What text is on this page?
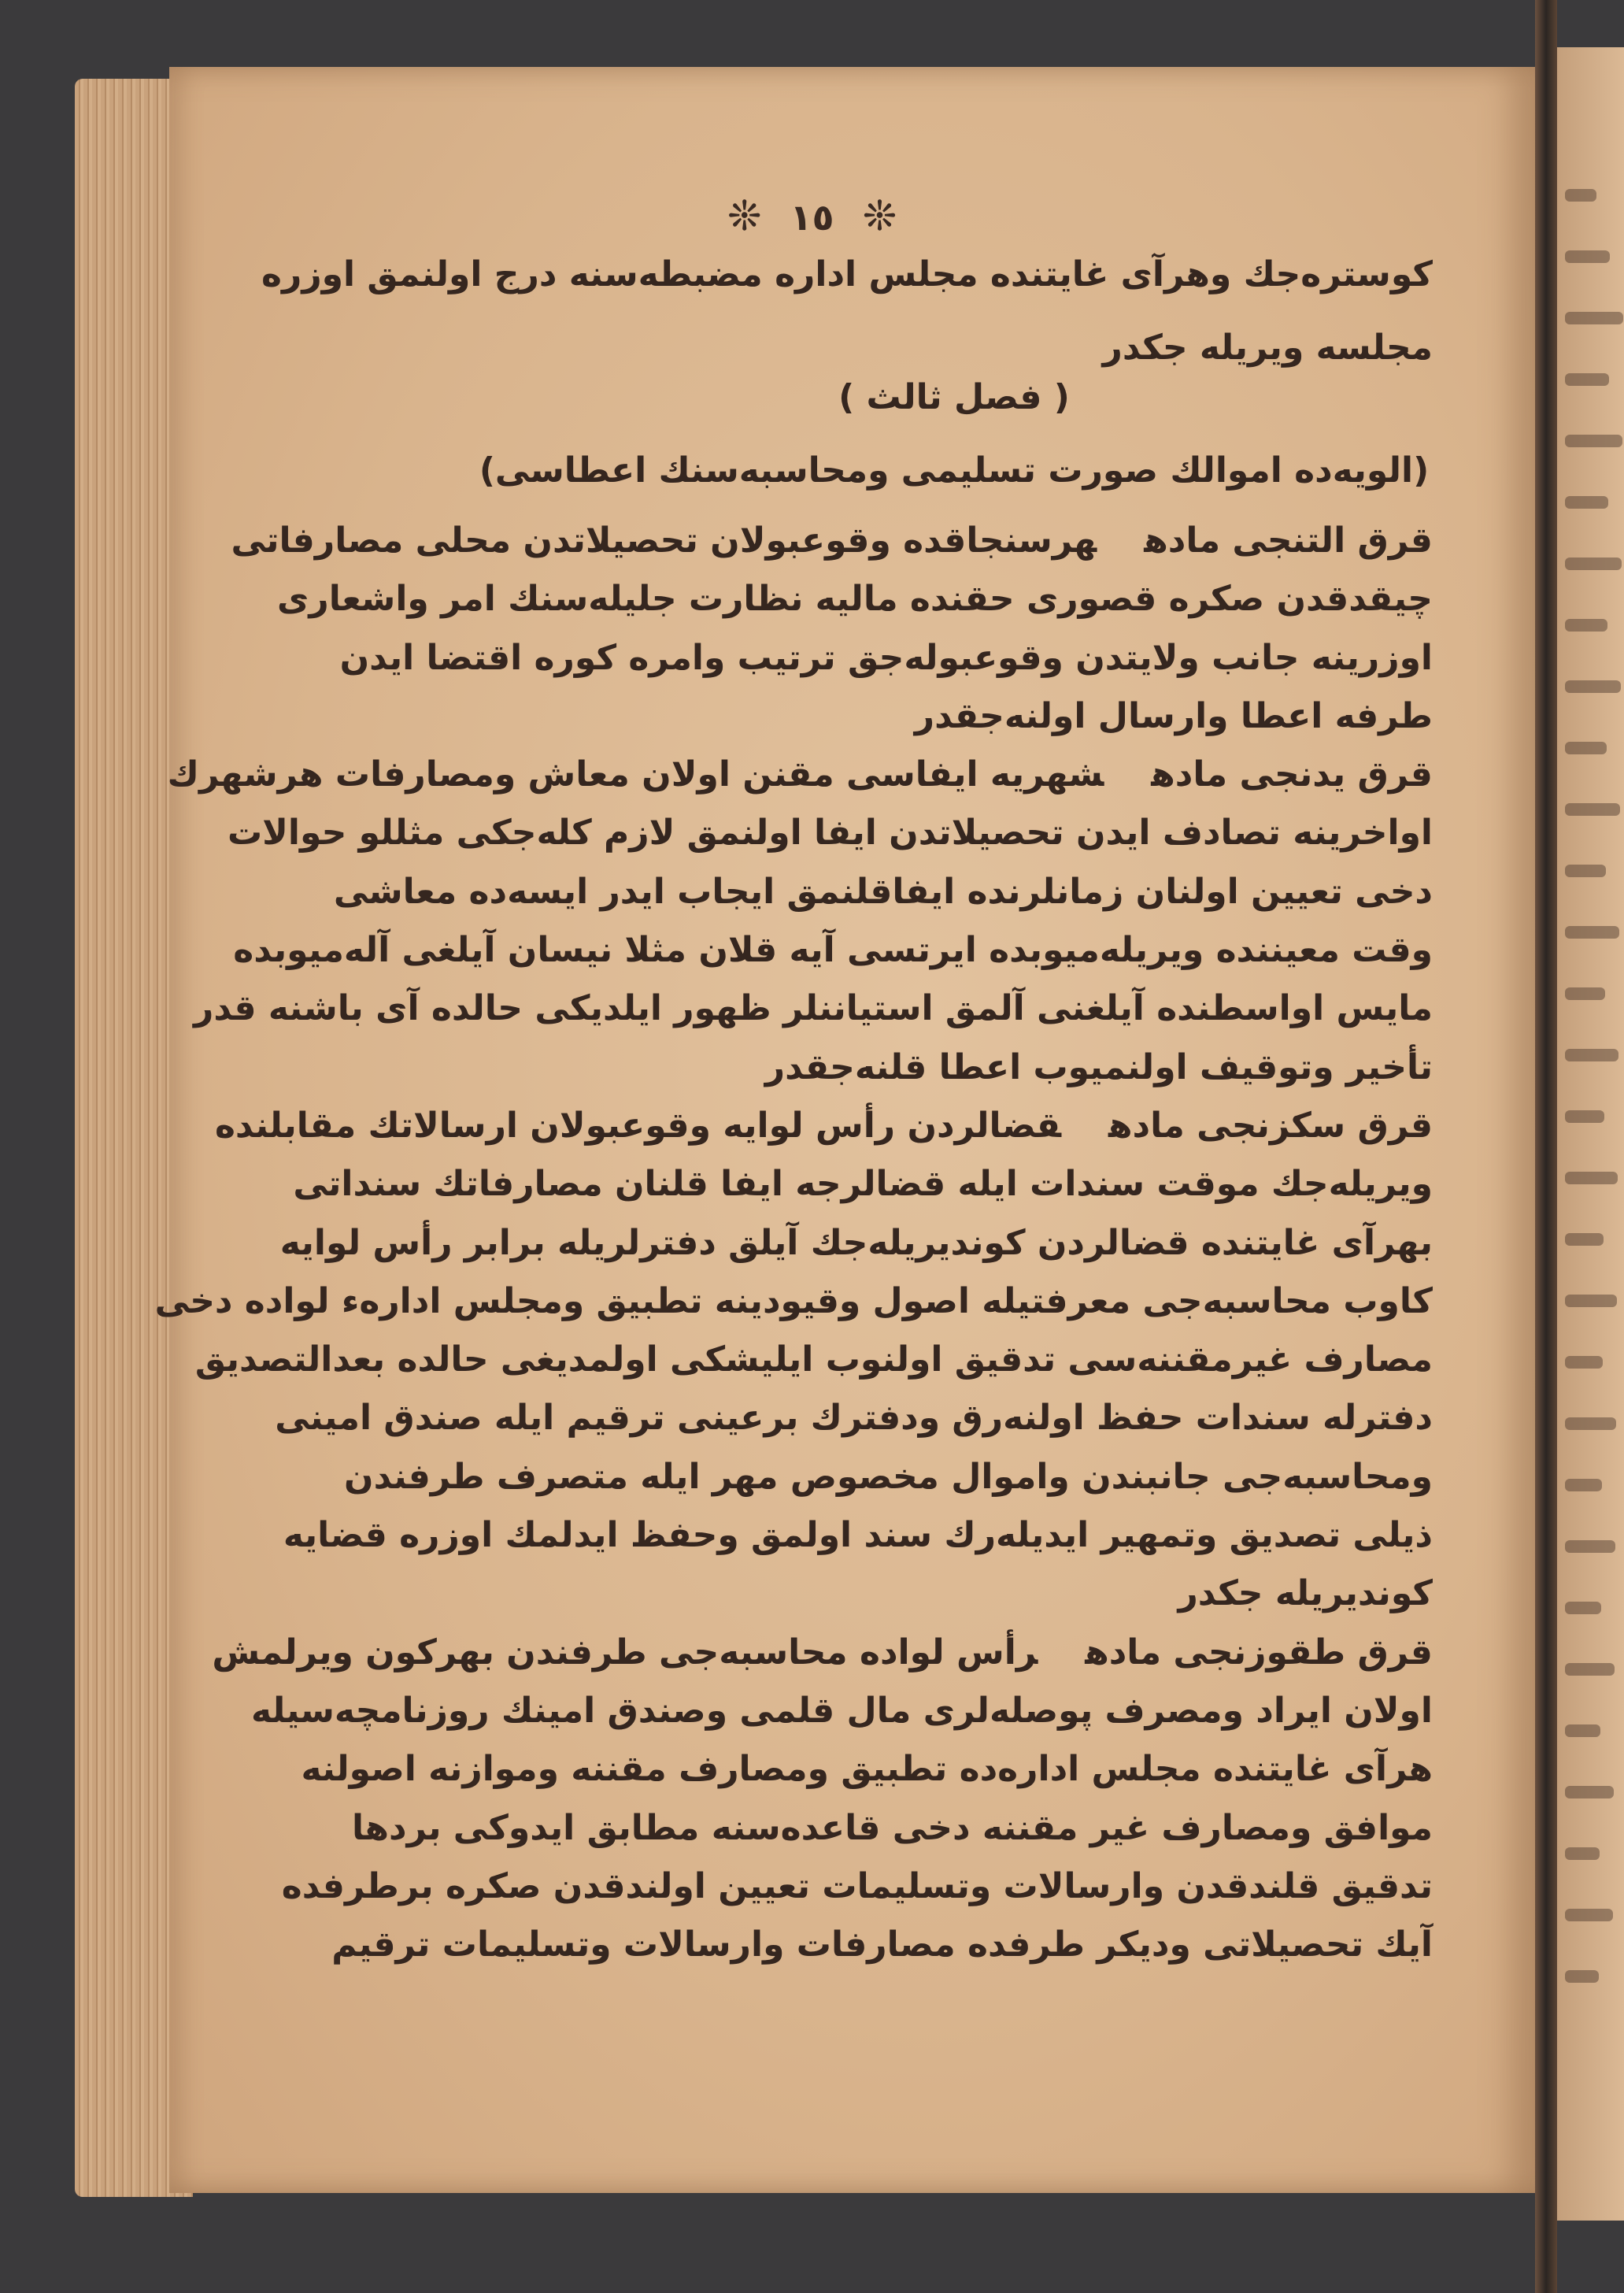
❊ ١٥ ❊
كوسترەجك وهرآى غايتنده مجلس اداره مضبطه‌سنه درج اولنمق اوزره
مجلسه ويريله جكدر
( فصل ثالث )
(الويه‌ده اموالك صورت تسليمى ومحاسبه‌سنك اعطاسى)
قرق التنجى مادههرسنجاقده وقوعبولان تحصيلاتدن محلى مصارفاتى
چيقدقدن صكره قصورى حقنده ماليه نظارت جليله‌سنك امر واشعارى
اوزرينه جانب ولايتدن وقوعبوله‌جق ترتيب وامره كوره اقتضا ايدن
طرفه اعطا وارسال اولنه‌جقدر
قرق يدنجى مادهشهريه ايفاسى مقنن اولان معاش ومصارفات هرشهرك
اواخرينه تصادف ايدن تحصيلاتدن ايفا اولنمق لازم كله‌جكى مثللو حوالات
دخى تعيين اولنان زمانلرنده ايفاقلنمق ايجاب ايدر ايسه‌ده معاشى
وقت معيننده ويريله‌ميوبده ايرتسى آيه قلان مثلا نيسان آيلغى آله‌ميوبده
مايس اواسطنده آيلغنى آلمق استياننلر ظهور ايلديكى حالده آى باشنه قدر
تأخير وتوقيف اولنميوب اعطا قلنه‌جقدر
قرق سكزنجى مادهقضالردن رأس لوايه وقوعبولان ارسالاتك مقابلنده
ويريله‌جك موقت سندات ايله قضالرجه ايفا قلنان مصارفاتك سنداتى
بهرآى غايتنده قضالردن كونديريله‌جك آيلق دفترلريله برابر رأس لوايه
كاوب محاسبه‌جى معرفتيله اصول وقيودينه تطبيق ومجلس اداره‌ء لواده دخى
مصارف غيرمقننه‌سى تدقيق اولنوب ايليشكى اولمديغى حالده بعدالتصديق
دفترله سندات حفظ اولنه‌رق ودفترك برعينى ترقيم ايله صندق امينى
ومحاسبه‌جى جانبندن واموال مخصوص مهر ايله متصرف طرفندن
ذيلى تصديق وتمهير ايديله‌رك سند اولمق وحفظ ايدلمك اوزره قضايه
كونديريله جكدر
قرق طقوزنجى مادهرأس لواده محاسبه‌جى طرفندن بهركون ويرلمش
اولان ايراد ومصرف پوصله‌لرى مال قلمى وصندق امينك روزنامچه‌سيله
هرآى غايتنده مجلس اداره‌ده تطبيق ومصارف مقننه وموازنه اصولنه
موافق ومصارف غير مقننه دخى قاعده‌سنه مطابق ايدوكى بردها
تدقيق قلندقدن وارسالات وتسليمات تعيين اولندقدن صكره برطرفده
آيك تحصيلاتى وديكر طرفده مصارفات وارسالات وتسليمات ترقيم
